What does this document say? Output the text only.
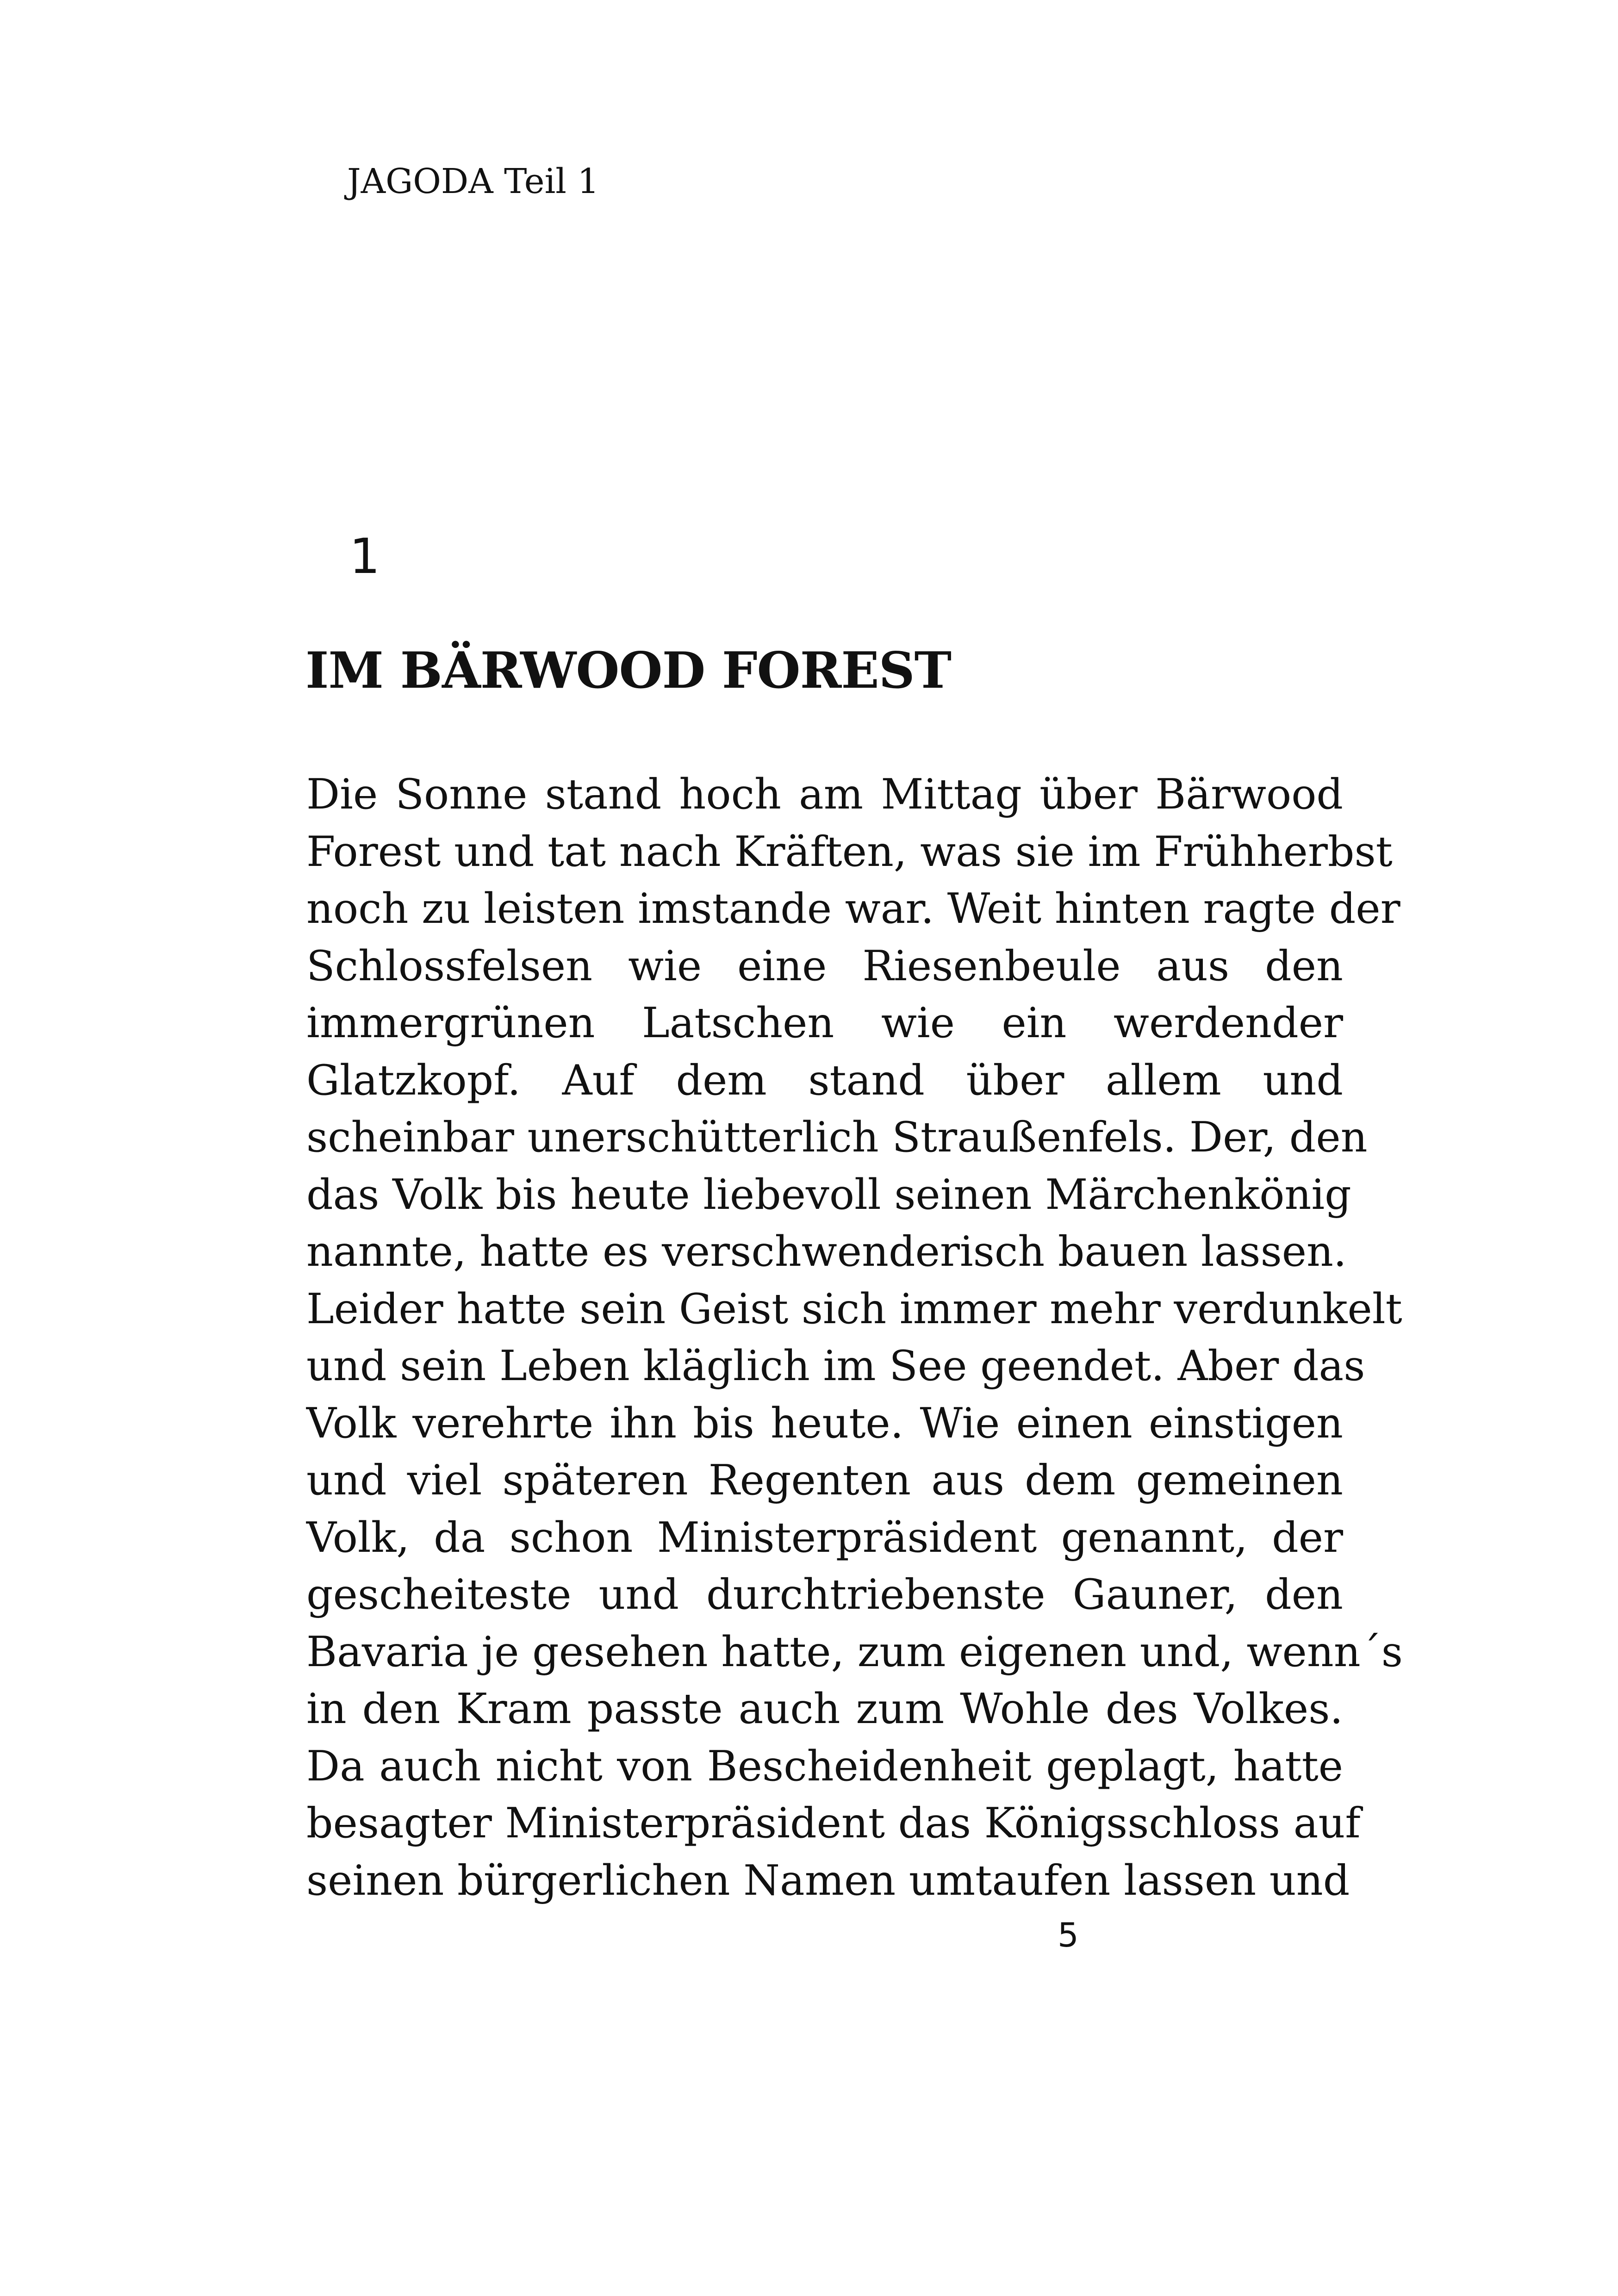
JAGODA Teil 1
1
IM BÄRWOOD FOREST
Die Sonne stand hoch am Mittag über Bärwood
Forest und tat nach Kräften, was sie im Frühherbst
noch zu leisten imstande war. Weit hinten ragte der
Schlossfelsen wie eine Riesenbeule aus den
immergrünen Latschen wie ein werdender
Glatzkopf. Auf dem stand über allem und
scheinbar unerschütterlich Straußenfels. Der, den
das Volk bis heute liebevoll seinen Märchenkönig
nannte, hatte es verschwenderisch bauen lassen.
Leider hatte sein Geist sich immer mehr verdunkelt
und sein Leben kläglich im See geendet. Aber das
Volk verehrte ihn bis heute. Wie einen einstigen
und viel späteren Regenten aus dem gemeinen
Volk, da schon Ministerpräsident genannt, der
gescheiteste und durchtriebenste Gauner, den
Bavaria je gesehen hatte, zum eigenen und, wenn´s
in den Kram passte auch zum Wohle des Volkes.
Da auch nicht von Bescheidenheit geplagt, hatte
besagter Ministerpräsident das Königsschloss auf
seinen bürgerlichen Namen umtaufen lassen und
5
